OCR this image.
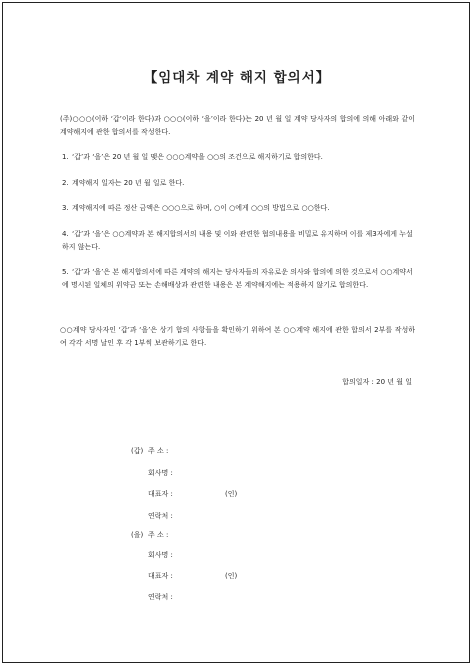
【임대차 계약 해지 합의서】
(주)○○○(이하 ‘갑’이라 한다)과 ○○○(이하 ‘을’이라 한다)는 20 년 월 일 계약 당사자의 합의에 의해 아래와 같이 계약해지에 관한 합의서를 작성한다.
1. ‘갑’과 ‘을’은 20 년 월 일 맺은 ○○○계약을 ○○의 조건으로 해지하기로 합의한다.
2. 계약해지 일자는 20 년 월 일로 한다.
3. 계약해지에 따른 정산 금액은 ○○○으로 하며, ○이 ○에게 ○○의 방법으로 ○○한다.
4. ‘갑’과 ‘을’은 ○○계약과 본 해지합의서의 내용 및 이와 관련한 협의내용을 비밀로 유지하며 이를 제3자에게 누설하지 않는다.
5. ‘갑’과 ‘을’은 본 해지합의서에 따른 계약의 해지는 당사자들의 자유로운 의사와 합의에 의한 것으로서 ○○계약서에 명시된 일체의 위약금 또는 손해배상과 관련한 내용은 본 계약해지에는 적용하지 않기로 합의한다.
○○계약 당사자인 ‘갑’과 ‘을’은 상기 합의 사항들을 확인하기 위하여 본 ○○계약 해지에 관한 합의서 2부를 작성하여 각각 서명 날인 후 각 1부씩 보관하기로 한다.
합의일자 : 20 년 월 일
(갑) 주 소 :
회사명 :
대표자 :	(인)
연락처 :
(을) 주 소 :
회사명 :
대표자 :	(인)
연락처 :
